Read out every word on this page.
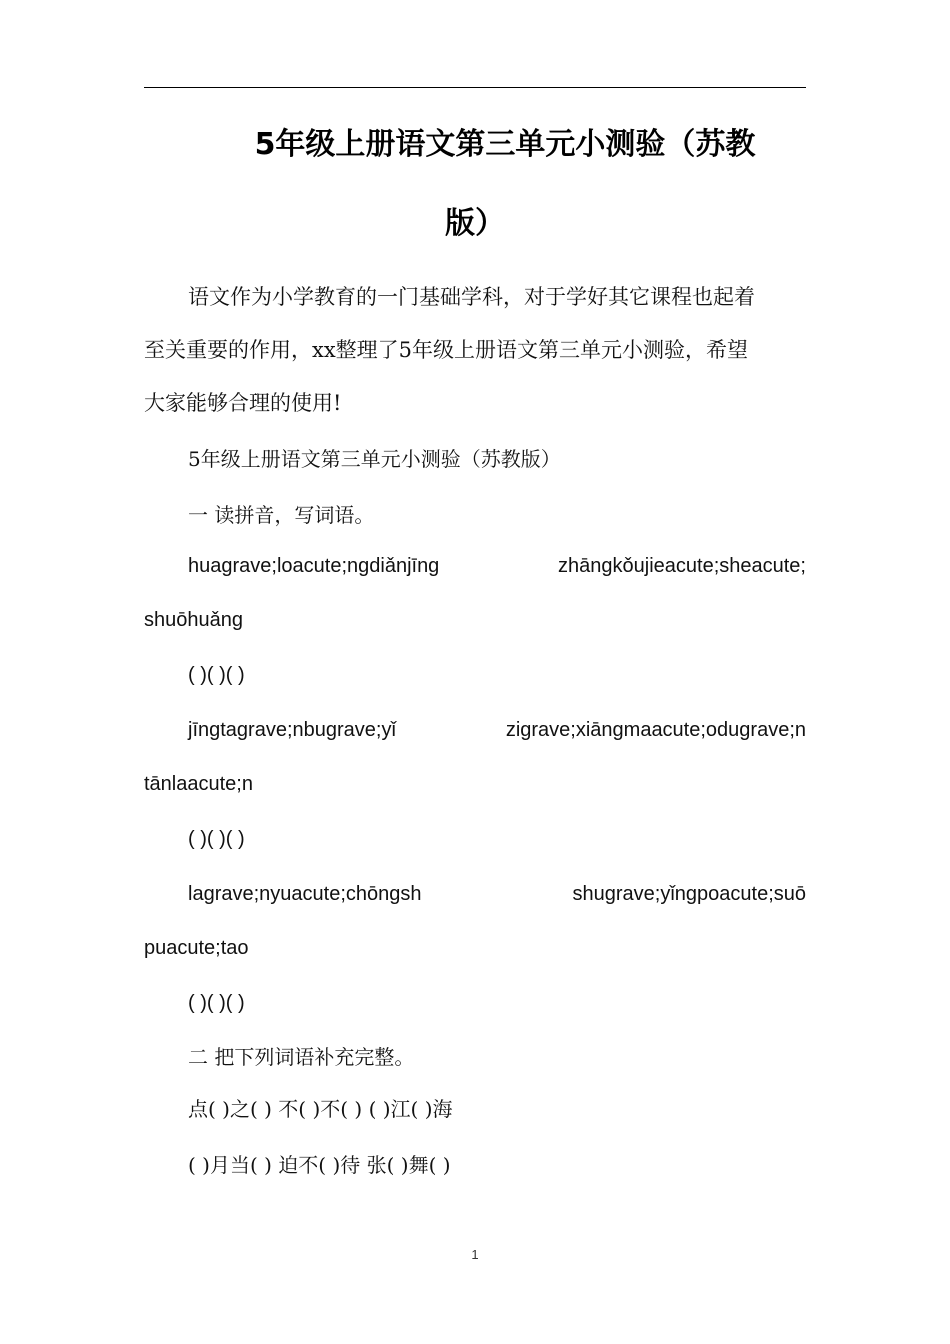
5年级上册语文第三单元小测验（苏教
版）
语文作为小学教育的一门基础学科，对于学好其它课程也起着
至关重要的作用，xx整理了5年级上册语文第三单元小测验，希望
大家能够合理的使用!
5年级上册语文第三单元小测验（苏教版）
一 读拼音，写词语。
huagrave;loacute;ngdiǎnjīng	zhāngkǒujieacute;sheacute;
shuōhuǎng
( )( )( )
jīngtagrave;nbugrave;yǐ	zigrave;xiāngmaacute;odugrave;n
tānlaacute;n
( )( )( )
lagrave;nyuacute;chōngsh	shugrave;yǐngpoacute;suō
puacute;tao
( )( )( )
二 把下列词语补充完整。
点( )之( ) 不( )不( ) ( )江( )海
( )月当( ) 迫不( )待 张( )舞( )
1
